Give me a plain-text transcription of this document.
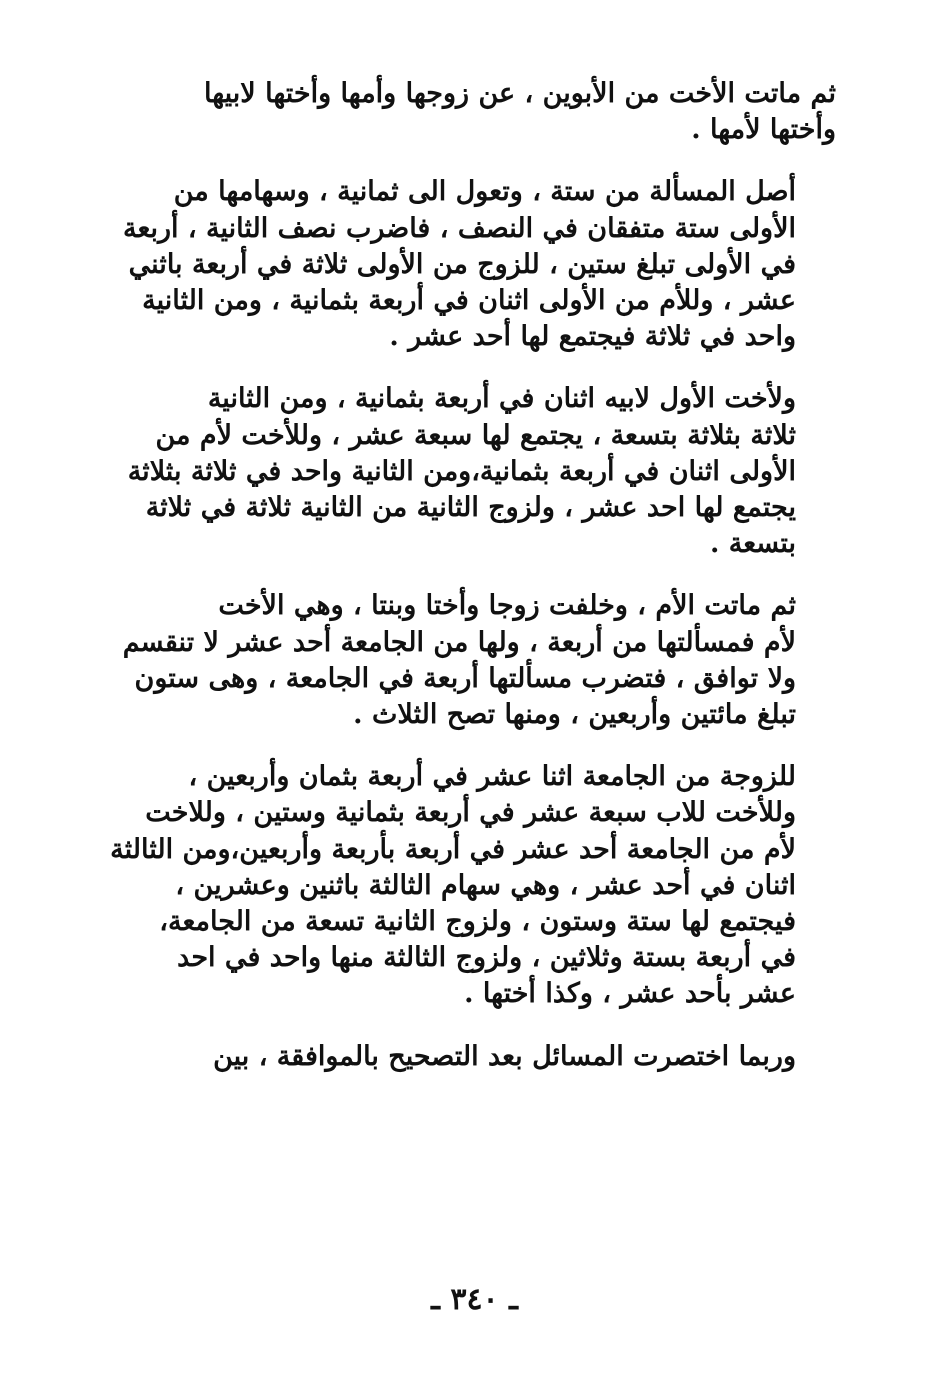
ثم ماتت الأخت من الأبوين ، عن زوجها وأمها وأختها لابيها
وأختها لأمها .

أصل المسألة من ستة ، وتعول الى ثمانية ، وسهامها من
الأولى ستة متفقان في النصف ، فاضرب نصف الثانية ، أربعة
في الأولى تبلغ ستين ، للزوج من الأولى ثلاثة في أربعة باثني
عشر ، وللأم من الأولى اثنان في أربعة بثمانية ، ومن الثانية
واحد في ثلاثة فيجتمع لها أحد عشر .

ولأخت الأول لابيه اثنان في أربعة بثمانية ، ومن الثانية
ثلاثة بثلاثة بتسعة ، يجتمع لها سبعة عشر ، وللأخت لأم من
الأولى اثنان في أربعة بثمانية،ومن الثانية واحد في ثلاثة بثلاثة
يجتمع لها احد عشر ، ولزوج الثانية من الثانية ثلاثة في ثلاثة
بتسعة .

ثم ماتت الأم ، وخلفت زوجا وأختا وبنتا ، وهي الأخت
لأم فمسألتها من أربعة ، ولها من الجامعة أحد عشر لا تنقسم
ولا توافق ، فتضرب مسألتها أربعة في الجامعة ، وهى ستون
تبلغ مائتين وأربعين ، ومنها تصح الثلاث .

للزوجة من الجامعة اثنا عشر في أربعة بثمان وأربعين ،
وللأخت للاب سبعة عشر في أربعة بثمانية وستين ، وللاخت
لأم من الجامعة أحد عشر في أربعة بأربعة وأربعين،ومن الثالثة
اثنان في أحد عشر ، وهي سهام الثالثة باثنين وعشرين ،
فيجتمع لها ستة وستون ، ولزوج الثانية تسعة من الجامعة،
في أربعة بستة وثلاثين ، ولزوج الثالثة منها واحد في احد
عشر بأحد عشر ، وكذا أختها .

وربما اختصرت المسائل بعد التصحيح بالموافقة ، بين

ـ ٣٤٠ ـ
